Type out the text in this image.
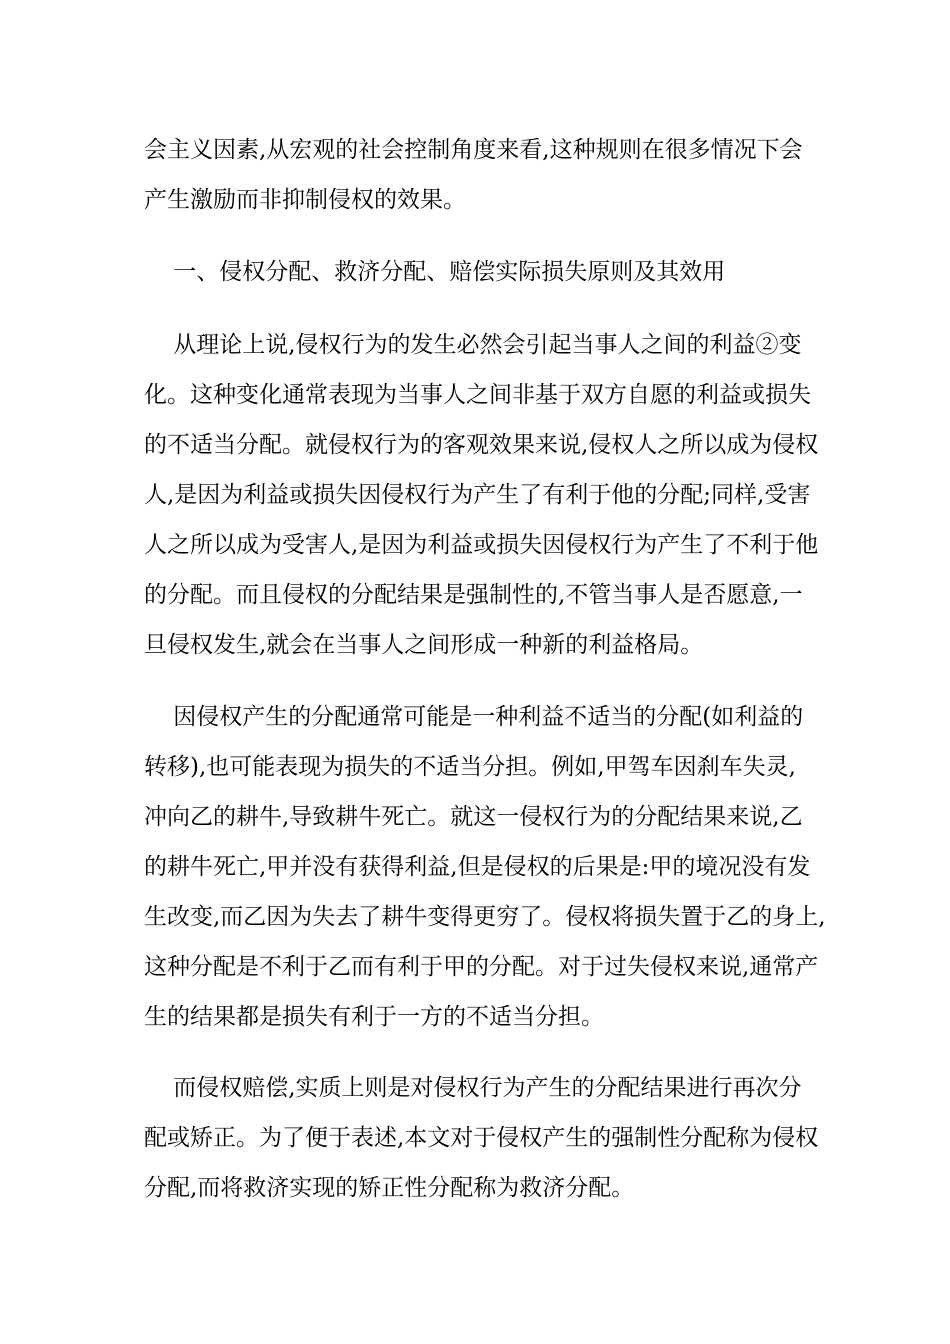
会主义因素,从宏观的社会控制角度来看,这种规则在很多情况下会
产生激励而非抑制侵权的效果。
一、侵权分配、救济分配、赔偿实际损失原则及其效用
从理论上说,侵权行为的发生必然会引起当事人之间的利益②变
化。这种变化通常表现为当事人之间非基于双方自愿的利益或损失
的不适当分配。就侵权行为的客观效果来说,侵权人之所以成为侵权
人,是因为利益或损失因侵权行为产生了有利于他的分配;同样,受害
人之所以成为受害人,是因为利益或损失因侵权行为产生了不利于他
的分配。而且侵权的分配结果是强制性的,不管当事人是否愿意,一
旦侵权发生,就会在当事人之间形成一种新的利益格局。
因侵权产生的分配通常可能是一种利益不适当的分配(如利益的
转移),也可能表现为损失的不适当分担。例如,甲驾车因刹车失灵,
冲向乙的耕牛,导致耕牛死亡。就这一侵权行为的分配结果来说,乙
的耕牛死亡,甲并没有获得利益,但是侵权的后果是:甲的境况没有发
生改变,而乙因为失去了耕牛变得更穷了。侵权将损失置于乙的身上,
这种分配是不利于乙而有利于甲的分配。对于过失侵权来说,通常产
生的结果都是损失有利于一方的不适当分担。
而侵权赔偿,实质上则是对侵权行为产生的分配结果进行再次分
配或矫正。为了便于表述,本文对于侵权产生的强制性分配称为侵权
分配,而将救济实现的矫正性分配称为救济分配。
